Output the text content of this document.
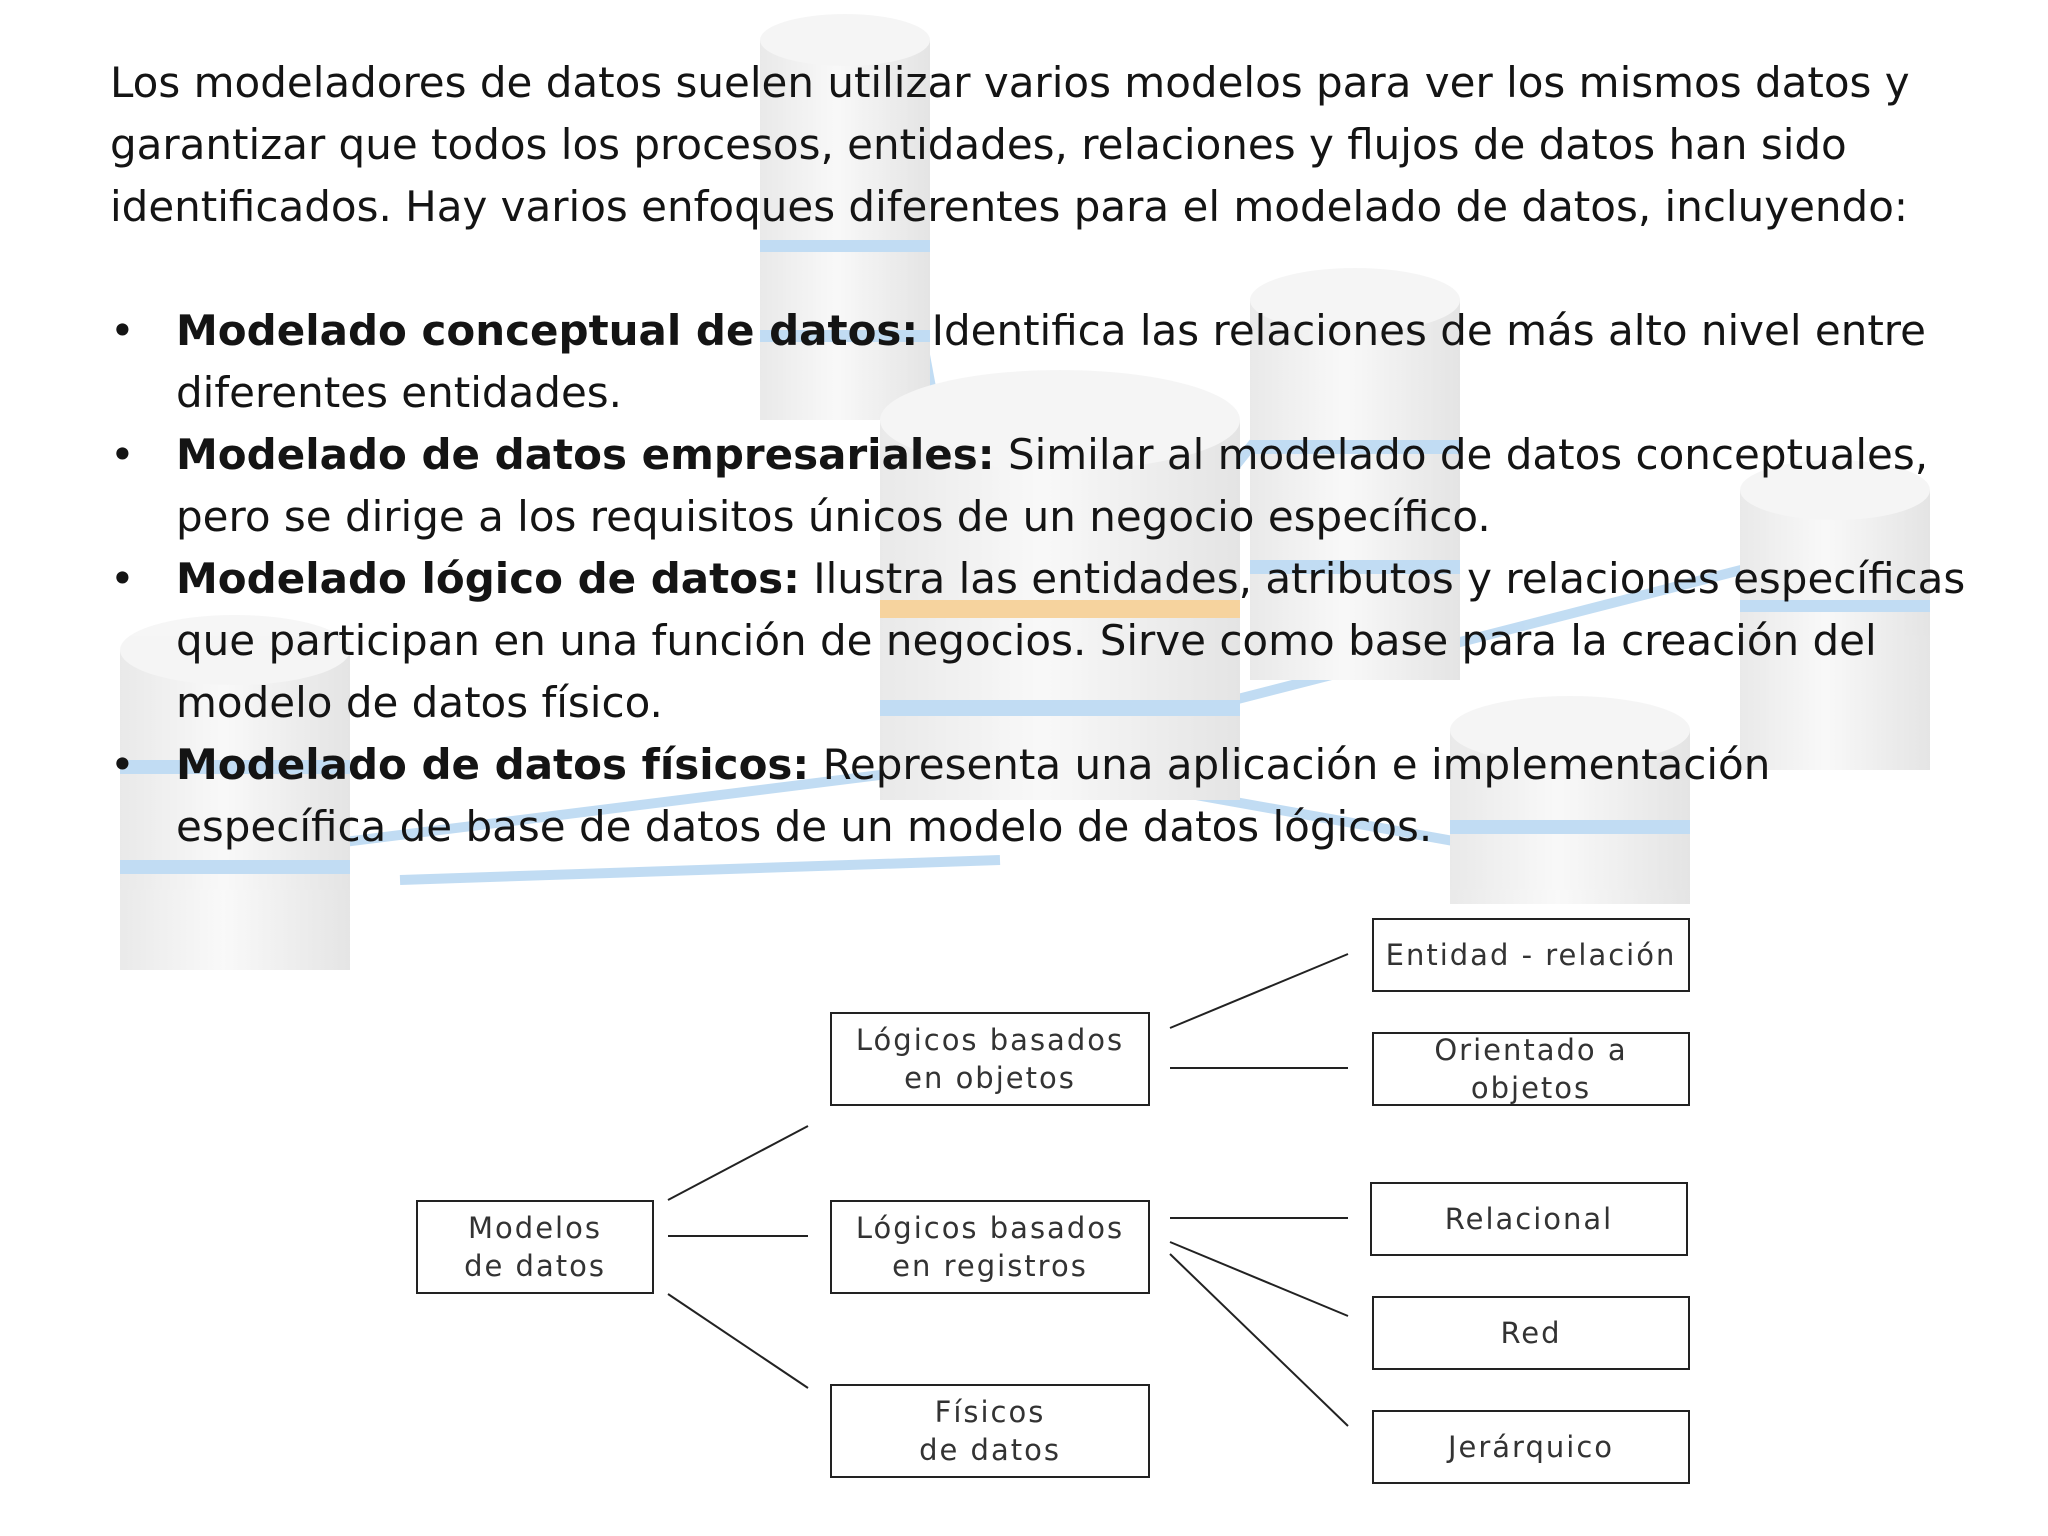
Los modeladores de datos suelen utilizar varios modelos para ver los mismos datos y garantizar que todos los procesos, entidades, relaciones y flujos de datos han sido identificados. Hay varios enfoques diferentes para el modelado de datos, incluyendo:

• Modelado conceptual de datos: Identifica las relaciones de más alto nivel entre diferentes entidades.
• Modelado de datos empresariales: Similar al modelado de datos conceptuales, pero se dirige a los requisitos únicos de un negocio específico.
• Modelado lógico de datos: Ilustra las entidades, atributos y relaciones específicas que participan en una función de negocios. Sirve como base para la creación del modelo de datos físico.
• Modelado de datos físicos: Representa una aplicación e implementación específica de base de datos de un modelo de datos lógicos.
Modelos
de datos
Lógicos basados
en objetos
Lógicos basados
en registros
Físicos
de datos
Entidad - relación
Orientado a objetos
Relacional
Red
Jerárquico
